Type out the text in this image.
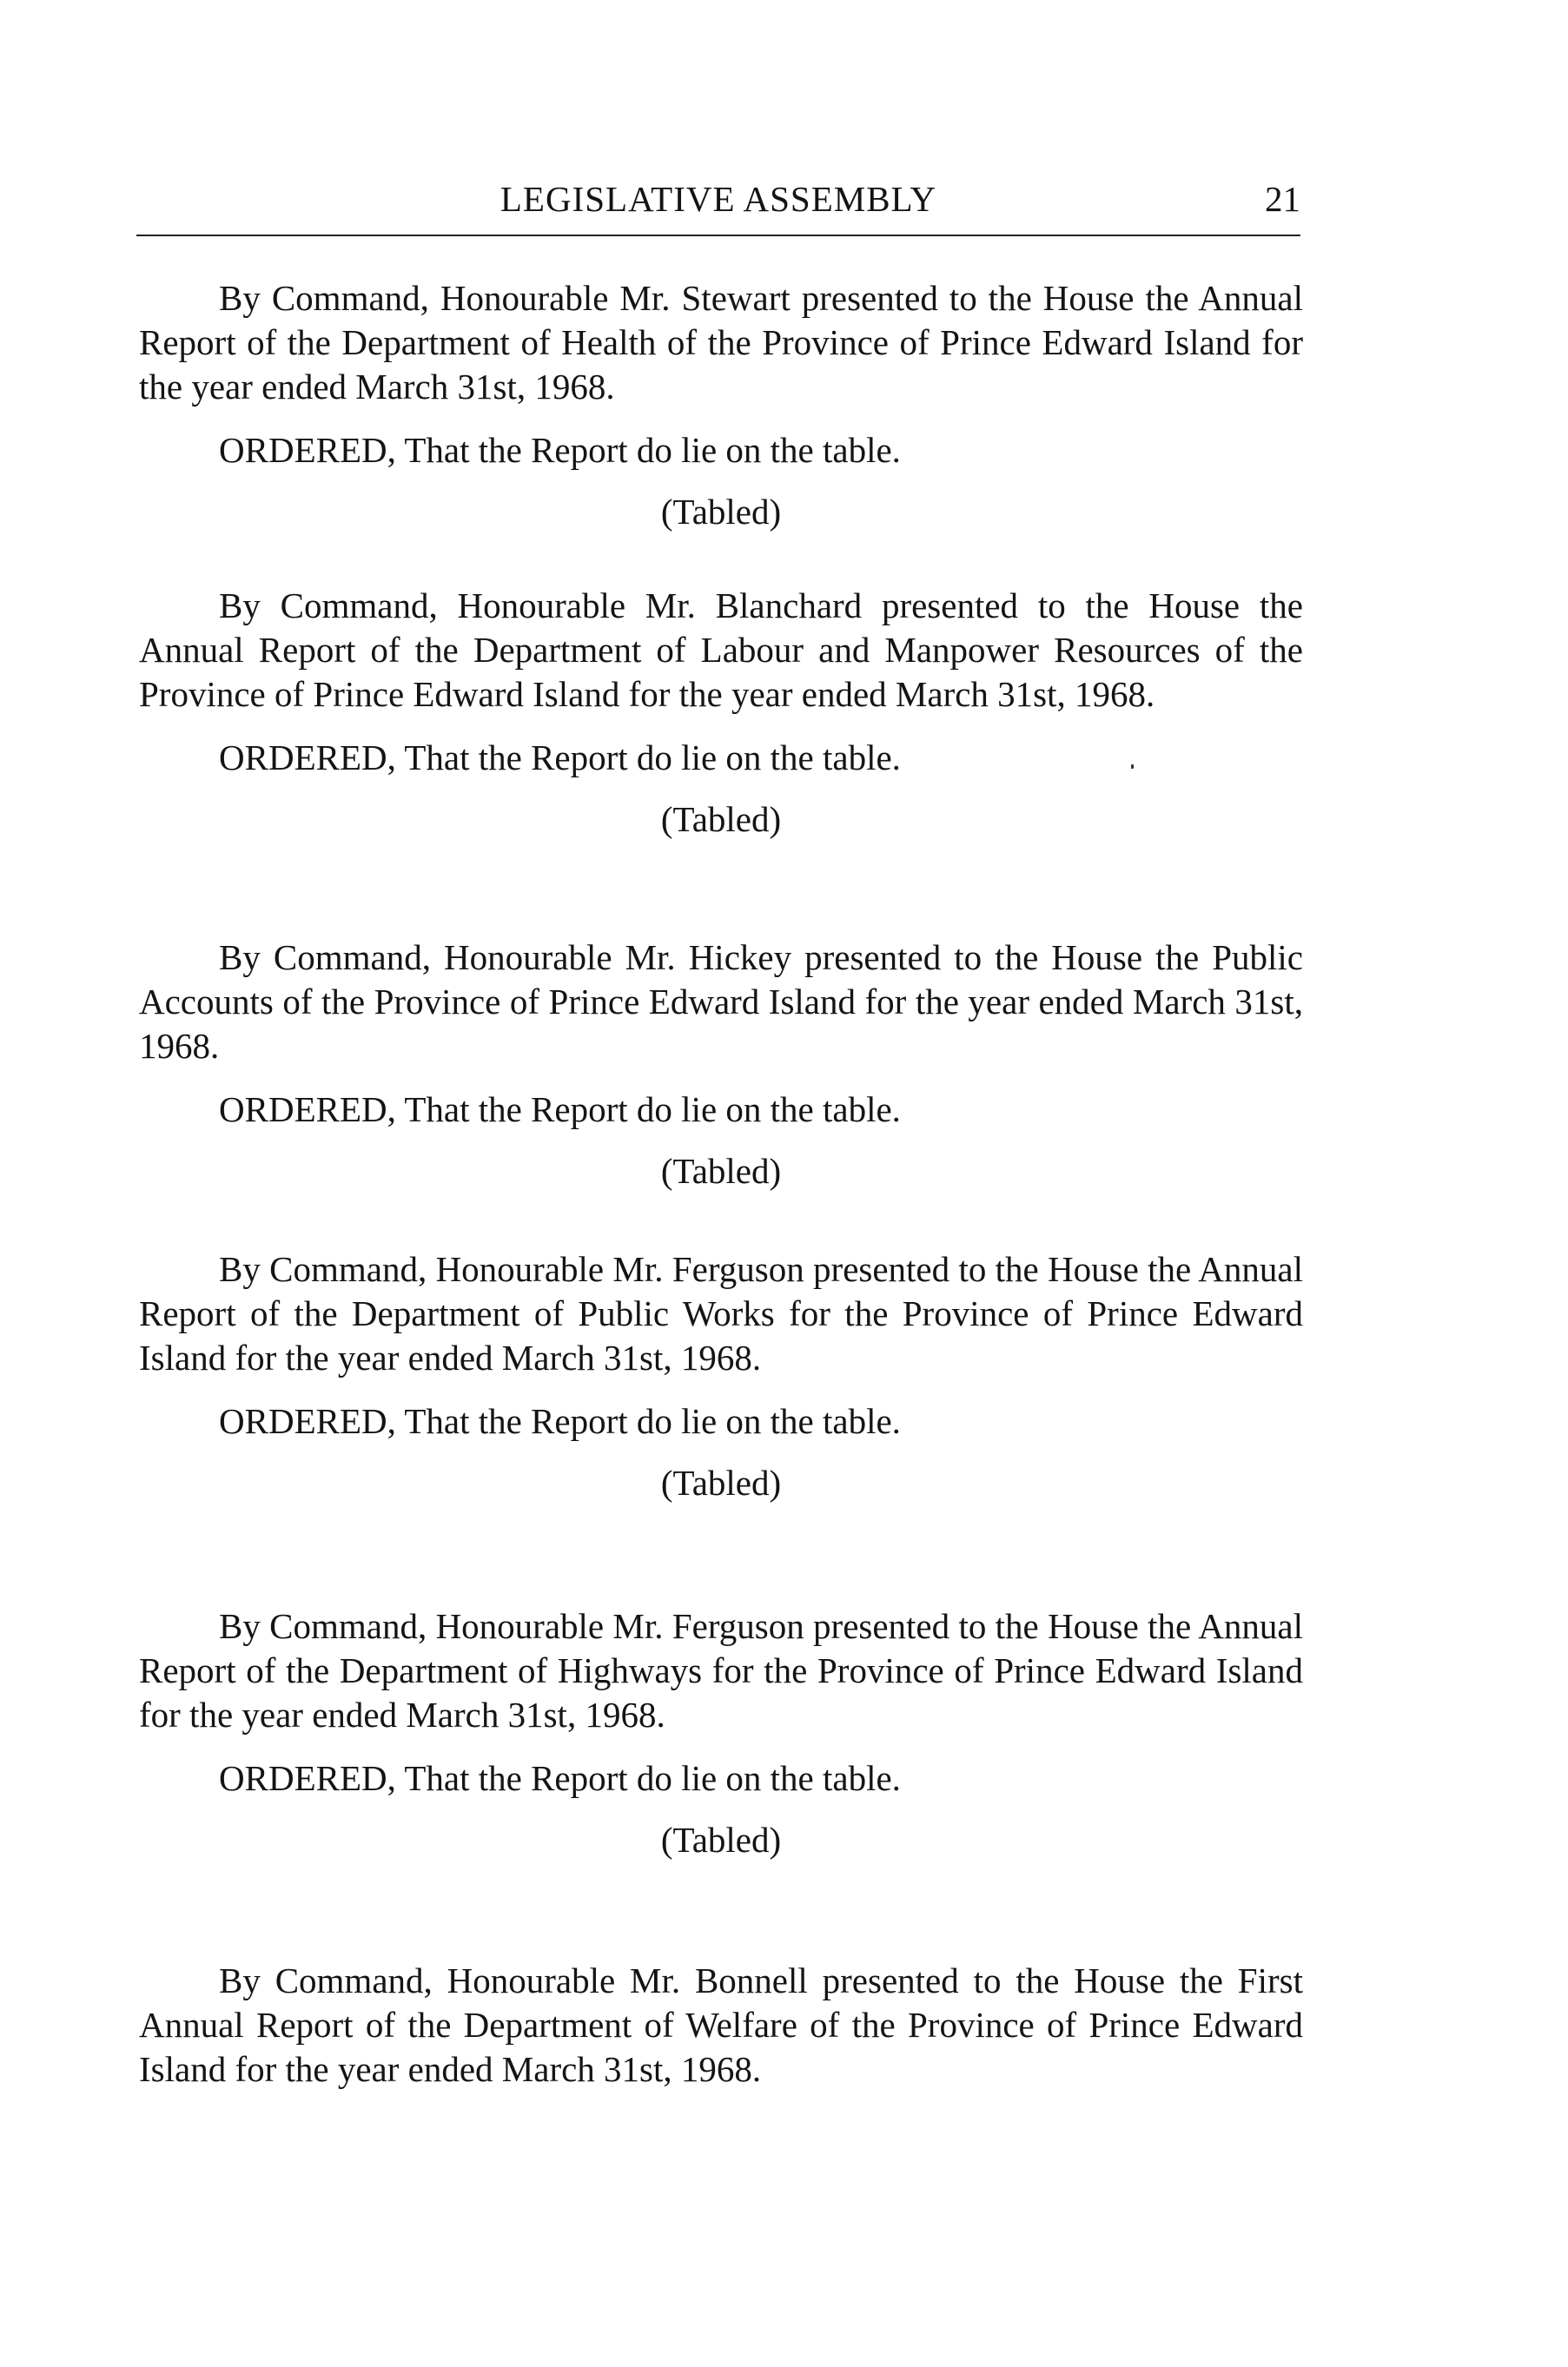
LEGISLATIVE ASSEMBLY	21

By Command, Honourable Mr. Stewart presented to the House the Annual Report of the Department of Health of the Province of Prince Edward Island for the year ended March 31st, 1968.

ORDERED, That the Report do lie on the table.

(Tabled)

By Command, Honourable Mr. Blanchard presented to the House the Annual Report of the Department of Labour and Manpower Resources of the Province of Prince Edward Island for the year ended March 31st, 1968.

ORDERED, That the Report do lie on the table.

(Tabled)

By Command, Honourable Mr. Hickey presented to the House the Public Accounts of the Province of Prince Edward Island for the year ended March 31st, 1968.

ORDERED, That the Report do lie on the table.

(Tabled)

By Command, Honourable Mr. Ferguson presented to the House the Annual Report of the Department of Public Works for the Province of Prince Edward Island for the year ended March 31st, 1968.

ORDERED, That the Report do lie on the table.

(Tabled)

By Command, Honourable Mr. Ferguson presented to the House the Annual Report of the Department of Highways for the Province of Prince Edward Island for the year ended March 31st, 1968.

ORDERED, That the Report do lie on the table.

(Tabled)

By Command, Honourable Mr. Bonnell presented to the House the First Annual Report of the Department of Welfare of the Province of Prince Edward Island for the year ended March 31st, 1968.
